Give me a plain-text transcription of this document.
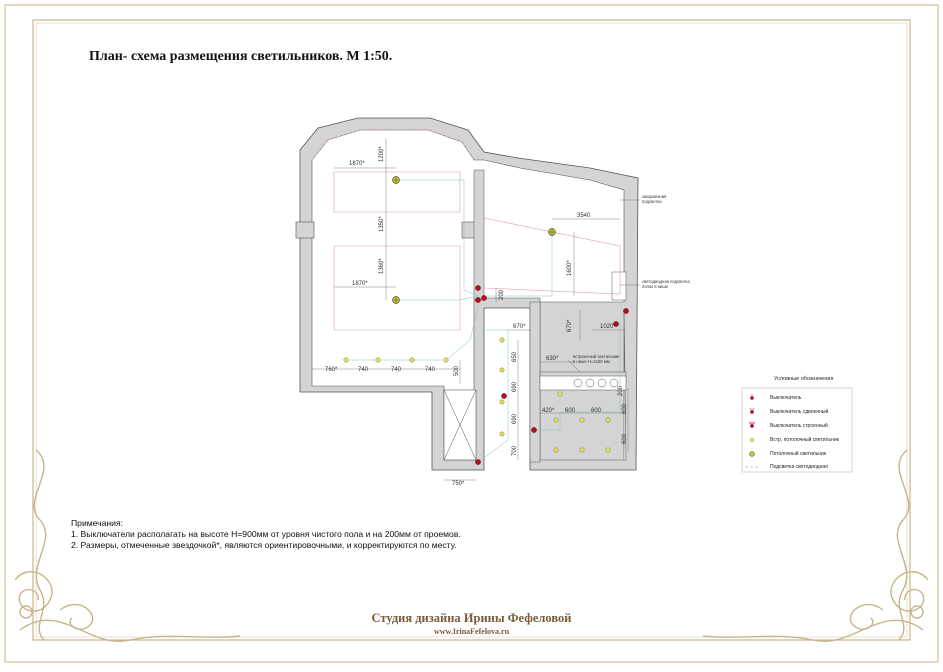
1870*
1200*
1350*
1360*
1870*
3540
1600*
200
760*	740	740	740	500
670*	670*	1020*
630*
650
690
690
700
420* 600	600	600
600
200
750*
закарнизная
подсветка
светодиодная подсветка
полок в нише
встроенный светильник
в нише Н=2100 мм
План- схема размещения светильников. М 1:50.
Условные обозначения
Выключатель
Выключатель сдвоенный
Выключатель строенный
Встр. потолочный светильник
Потолочный светильник
Подсветка светодиодная
Примечания:
1. Выключатели располагать на высоте Н=900мм от уровня чистого пола и на 200мм от проемов.
2. Размеры, отмеченные звездочкой*, являются ориентировочными, и корректируются по месту.
Студия дизайна Ирины Фефеловой
www.IrinaFefelova.ru
